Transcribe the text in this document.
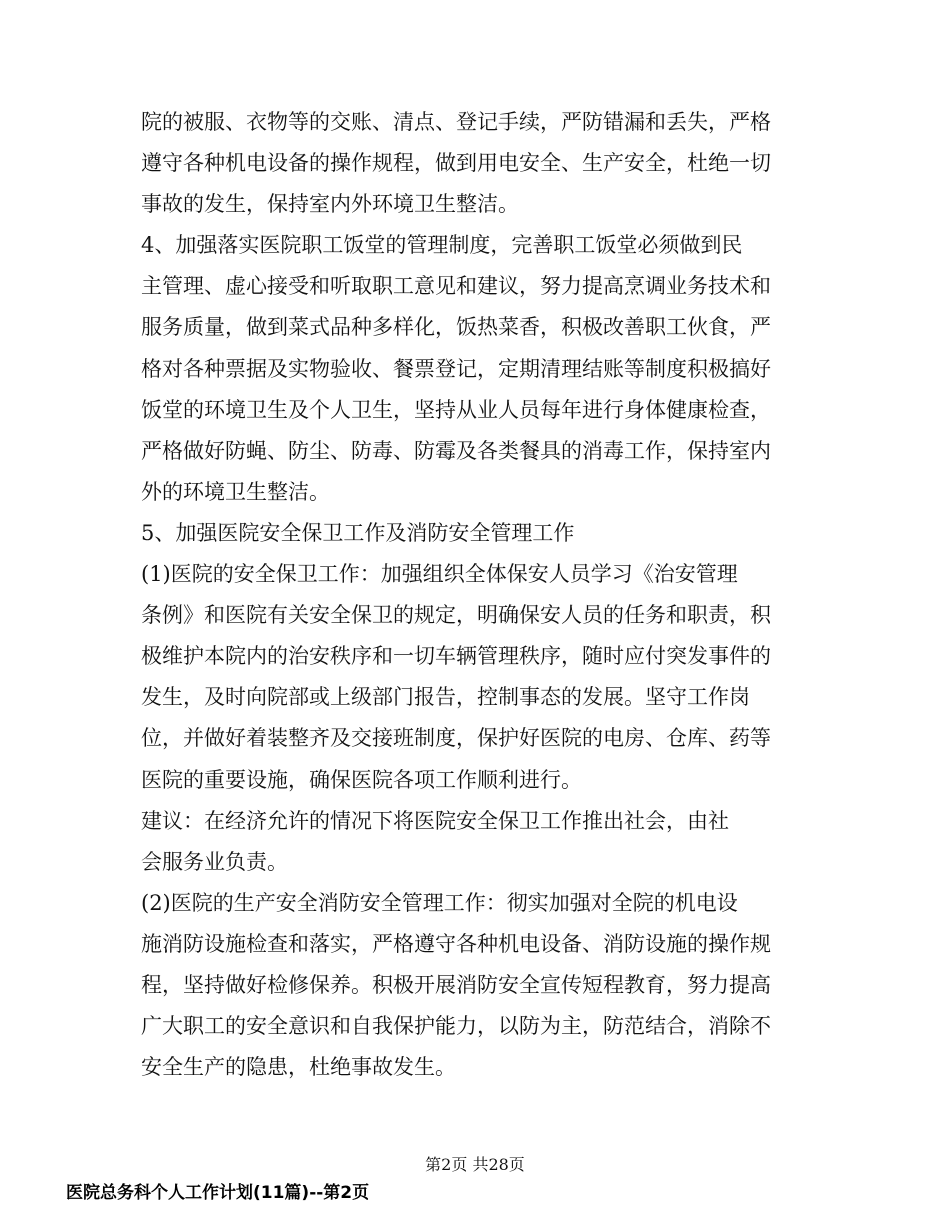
院的被服、衣物等的交账、清点、登记手续，严防错漏和丢失，严格
遵守各种机电设备的操作规程，做到用电安全、生产安全，杜绝一切
事故的发生，保持室内外环境卫生整洁。
4、加强落实医院职工饭堂的管理制度，完善职工饭堂必须做到民
主管理、虚心接受和听取职工意见和建议，努力提高烹调业务技术和
服务质量，做到菜式品种多样化，饭热菜香，积极改善职工伙食，严
格对各种票据及实物验收、餐票登记，定期清理结账等制度积极搞好
饭堂的环境卫生及个人卫生，坚持从业人员每年进行身体健康检查，
严格做好防蝇、防尘、防毒、防霉及各类餐具的消毒工作，保持室内
外的环境卫生整洁。
5、加强医院安全保卫工作及消防安全管理工作
(1)医院的安全保卫工作：加强组织全体保安人员学习《治安管理
条例》和医院有关安全保卫的规定，明确保安人员的任务和职责，积
极维护本院内的治安秩序和一切车辆管理秩序，随时应付突发事件的
发生，及时向院部或上级部门报告，控制事态的发展。坚守工作岗
位，并做好着装整齐及交接班制度，保护好医院的电房、仓库、药等
医院的重要设施，确保医院各项工作顺利进行。
建议：在经济允许的情况下将医院安全保卫工作推出社会，由社
会服务业负责。
(2)医院的生产安全消防安全管理工作：彻实加强对全院的机电设
施消防设施检查和落实，严格遵守各种机电设备、消防设施的操作规
程，坚持做好检修保养。积极开展消防安全宣传短程教育，努力提高
广大职工的安全意识和自我保护能力，以防为主，防范结合，消除不
安全生产的隐患，杜绝事故发生。
第2页 共28页
医院总务科个人工作计划(11篇)--第2页
